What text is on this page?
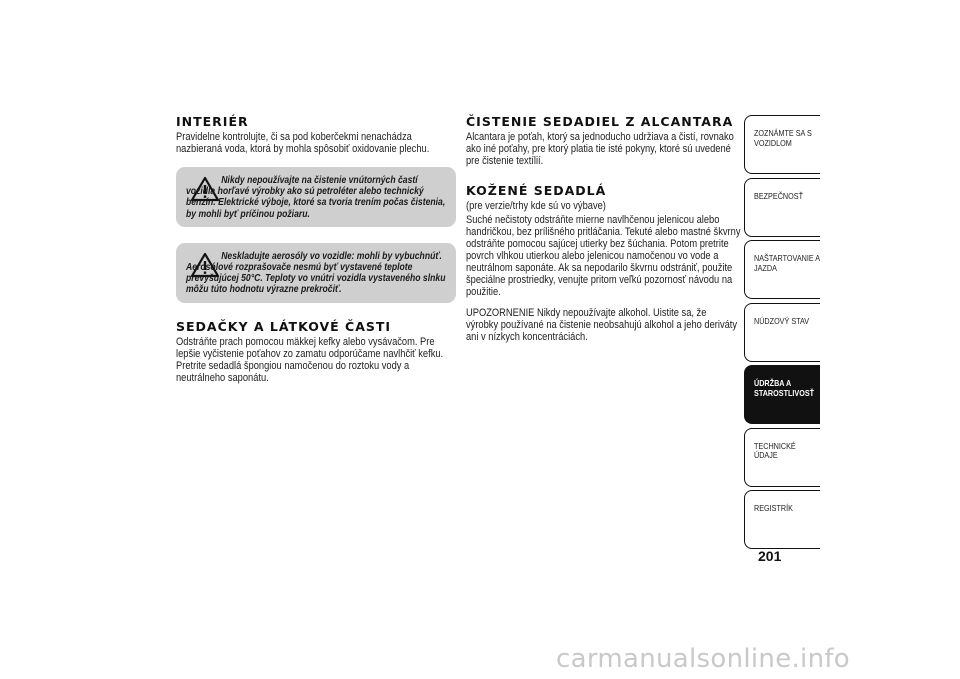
INTERIÉR

Pravidelne kontrolujte, či sa pod koberčekmi nenachádza nazbieraná voda, ktorá by mohla spôsobiť oxidovanie plechu.

Nikdy nepoužívajte na čistenie vnútorných častí vozidla horľavé výrobky ako sú petroléter alebo technický benzín. Elektrické výboje, ktoré sa tvoria trením počas čistenia, by mohli byť príčinou požiaru.
Neskladujte aerosóly vo vozidle: mohli by vybuchnúť. Aerosólové rozprašovače nesmú byť vystavené teplote prevyšujúcej 50°C. Teploty vo vnútri vozidla vystaveného slnku môžu túto hodnotu výrazne prekročiť.
SEDAČKY A LÁTKOVÉ ČASTI

Odstráňte prach pomocou mäkkej kefky alebo vysávačom. Pre lepšie vyčistenie poťahov zo zamatu odporúčame navlhčiť kefku. Pretrite sedadlá špongiou namočenou do roztoku vody a neutrálneho saponátu.

ČISTENIE SEDADIEL Z ALCANTARA

Alcantara je poťah, ktorý sa jednoducho udržiava a čistí, rovnako ako iné poťahy, pre ktorý platia tie isté pokyny, ktoré sú uvedené pre čistenie textílií.

KOŽENÉ SEDADLÁ

(pre verzie/trhy kde sú vo výbave)

Suché nečistoty odstráňte mierne navlhčenou jelenicou alebo handričkou, bez prílišného pritláčania. Tekuté alebo mastné škvrny odstráňte pomocou sajúcej utierky bez šúchania. Potom pretrite povrch vlhkou utierkou alebo jelenicou namočenou vo vode a neutrálnom saponáte. Ak sa nepodarilo škvrnu odstrániť, použite špeciálne prostriedky, venujte pritom veľkú pozornosť návodu na použitie.

UPOZORNENIE Nikdy nepoužívajte alkohol. Uistite sa, že výrobky používané na čistenie neobsahujú alkohol a jeho deriváty ani v nízkych koncentráciách.

ZOZNÁMTE SA S VOZIDLOM
BEZPEČNOSŤ
NAŠTARTOVANIE A JAZDA
NÚDZOVÝ STAV
ÚDRŽBA A STAROSTLIVOSŤ
TECHNICKÉ ÚDAJE
REGISTRÍK
201
carmanualsonline.info
